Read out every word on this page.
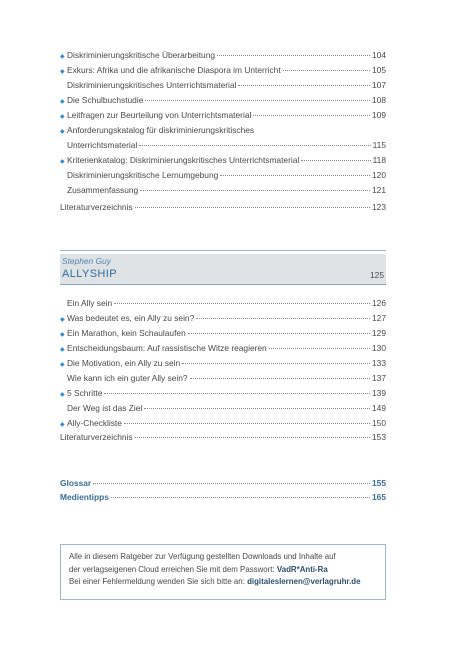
◆ Diskriminierungskritische Überarbeitung	104
◆ Exkurs: Afrika und die afrikanische Diaspora im Unterricht	105
Diskriminierungskritisches Unterrichtsmaterial	107
◆ Die Schulbuchstudie	108
◆ Leitfragen zur Beurteilung von Unterrichtsmaterial	109
◆ Anforderungskatalog für diskriminierungskritisches
Unterrichtsmaterial	115
◆ Kriterienkatalog: Diskriminierungskritisches Unterrichtsmaterial	118
Diskriminierungskritische Lernumgebung	120
Zusammenfassung	121
Literaturverzeichnis	123
Ein Ally sein	126
◆ Was bedeutet es, ein Ally zu sein?	127
◆ Ein Marathon, kein Schaulaufen	129
◆ Entscheidungsbaum: Auf rassistische Witze reagieren	130
◆ Die Motivation, ein Ally zu sein	133
Wie kann ich ein guter Ally sein?	137
◆ 5 Schritte	139
Der Weg ist das Ziel	149
◆ Ally-Checkliste	150
Literaturverzeichnis	153
Glossar	155
Medientipps	165
Stephen Guy
ALLYSHIP	125
Alle in diesem Ratgeber zur Verfügung gestellten Downloads und Inhalte auf
der verlagseigenen Cloud erreichen Sie mit dem Passwort: VadR*Anti-Ra
Bei einer Fehlermeldung wenden Sie sich bitte an: digitaleslernen@verlagruhr.de
